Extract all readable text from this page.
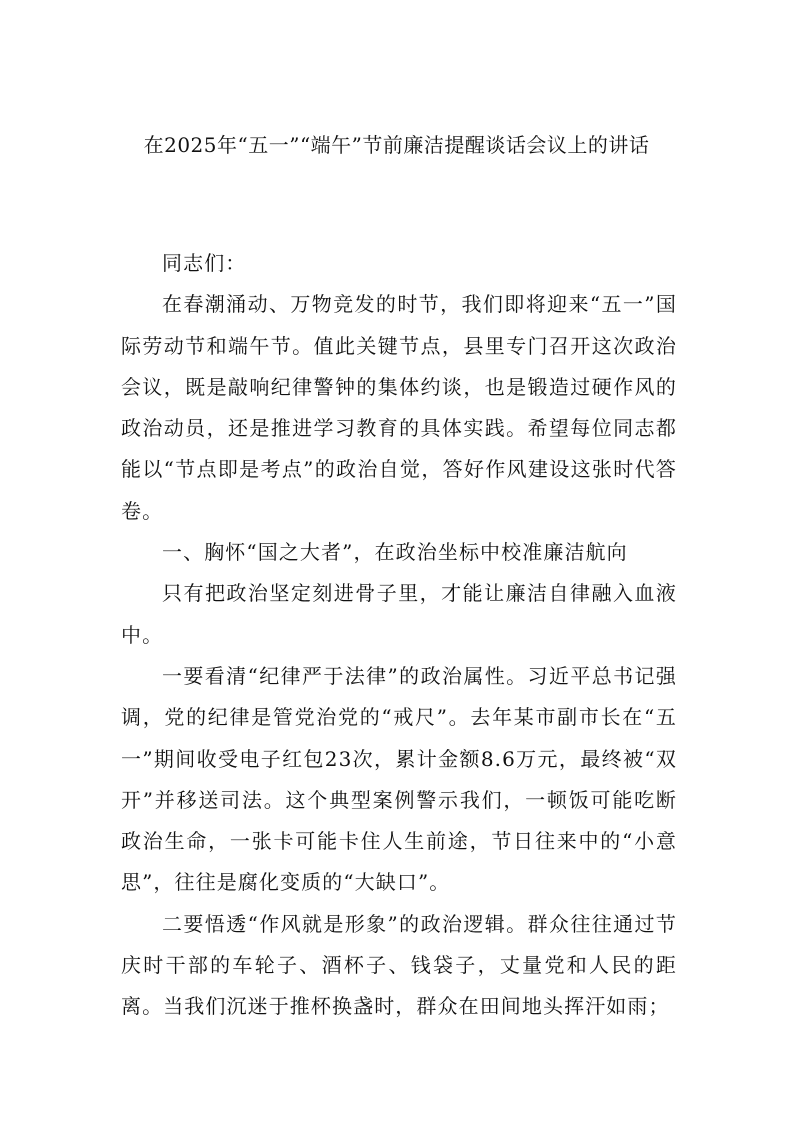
在2025年“五一”“端午”节前廉洁提醒谈话会议上的讲话

同志们：

在春潮涌动、万物竞发的时节，我们即将迎来“五一”国际劳动节和端午节。值此关键节点，县里专门召开这次政治会议，既是敲响纪律警钟的集体约谈，也是锻造过硬作风的政治动员，还是推进学习教育的具体实践。希望每位同志都能以“节点即是考点”的政治自觉，答好作风建设这张时代答卷。

一、胸怀“国之大者”，在政治坐标中校准廉洁航向

只有把政治坚定刻进骨子里，才能让廉洁自律融入血液中。

一要看清“纪律严于法律”的政治属性。习近平总书记强调，党的纪律是管党治党的“戒尺”。去年某市副市长在“五一”期间收受电子红包23次，累计金额8.6万元，最终被“双开”并移送司法。这个典型案例警示我们，一顿饭可能吃断政治生命，一张卡可能卡住人生前途，节日往来中的“小意思”，往往是腐化变质的“大缺口”。

二要悟透“作风就是形象”的政治逻辑。群众往往通过节庆时干部的车轮子、酒杯子、钱袋子，丈量党和人民的距离。当我们沉迷于推杯换盏时，群众在田间地头挥汗如雨；
